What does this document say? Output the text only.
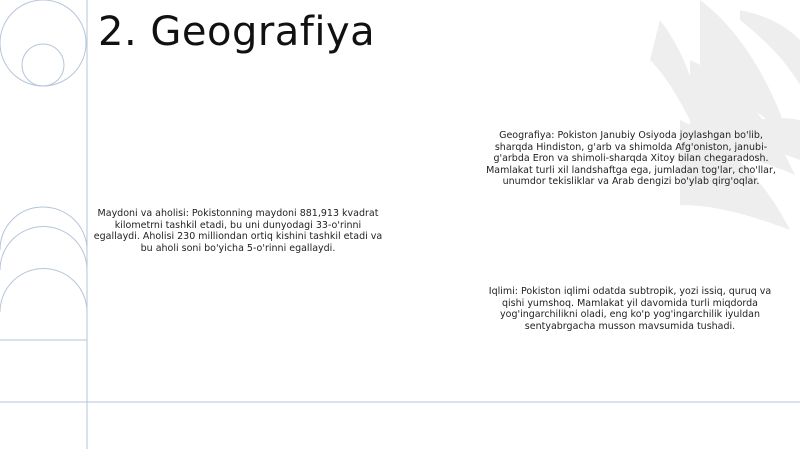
2. Geografiya

Geografiya: Pokiston Janubiy Osiyoda joylashgan bo'lib, sharqda Hindiston, g'arb va shimolda Afg'oniston, janubi-g'arbda Eron va shimoli-sharqda Xitoy bilan chegaradosh. Mamlakat turli xil landshaftga ega, jumladan tog'lar, cho'llar, unumdor tekisliklar va Arab dengizi bo'ylab qirg'oqlar.

Maydoni va aholisi: Pokistonning maydoni 881,913 kvadrat kilometrni tashkil etadi, bu uni dunyodagi 33-o'rinni egallaydi. Aholisi 230 milliondan ortiq kishini tashkil etadi va bu aholi soni bo'yicha 5-o'rinni egallaydi.

Iqlimi: Pokiston iqlimi odatda subtropik, yozi issiq, quruq va qishi yumshoq. Mamlakat yil davomida turli miqdorda yog'ingarchilikni oladi, eng ko'p yog'ingarchilik iyuldan sentyabrgacha musson mavsumida tushadi.
